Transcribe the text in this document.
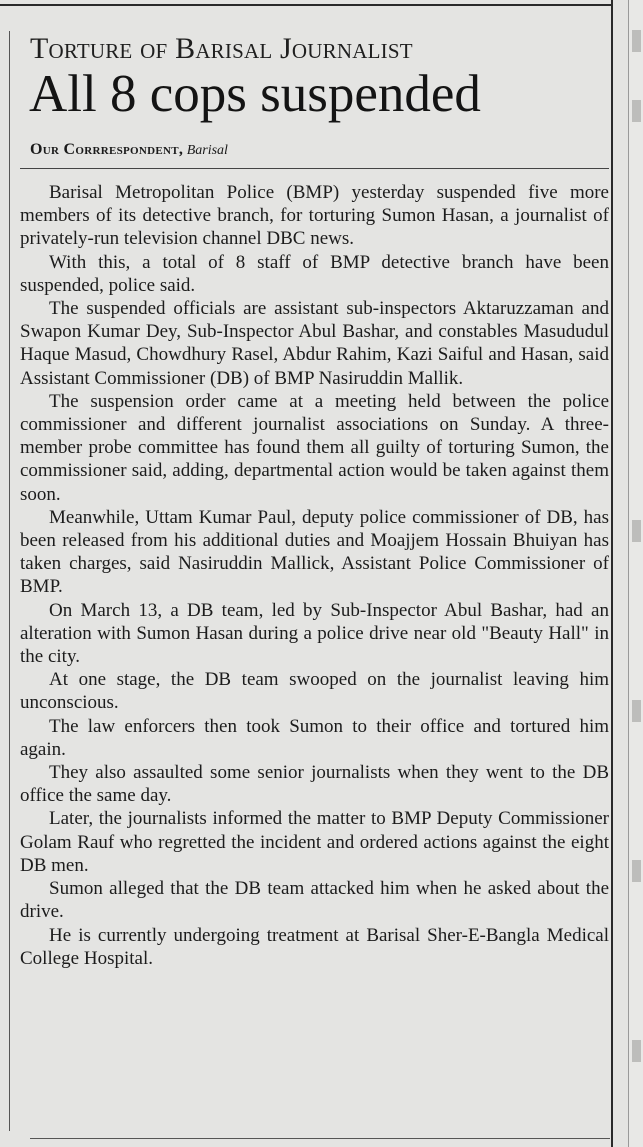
Torture of Barisal Journalist
All 8 cops suspended
Our Corrrespondent, Barisal

Barisal Metropolitan Police (BMP) yesterday suspended five more members of its detective branch, for torturing Sumon Hasan, a journalist of privately-run television channel DBC news.

With this, a total of 8 staff of BMP detective branch have been suspended, police said.

The suspended officials are assistant sub-inspectors Aktaruzzaman and Swapon Kumar Dey, Sub-Inspector Abul Bashar, and constables Masududul Haque Masud, Chowdhury Rasel, Abdur Rahim, Kazi Saiful and Hasan, said Assistant Commissioner (DB) of BMP Nasiruddin Mallik.

The suspension order came at a meeting held between the police commissioner and different journalist associations on Sunday. A three-member probe committee has found them all guilty of torturing Sumon, the commissioner said, adding, departmental action would be taken against them soon.

Meanwhile, Uttam Kumar Paul, deputy police commissioner of DB, has been released from his additional duties and Moajjem Hossain Bhuiyan has taken charges, said Nasiruddin Mallick, Assistant Police Commissioner of BMP.

On March 13, a DB team, led by Sub-Inspector Abul Bashar, had an alteration with Sumon Hasan during a police drive near old "Beauty Hall" in the city.

At one stage, the DB team swooped on the journalist leaving him unconscious.

The law enforcers then took Sumon to their office and tortured him again.

They also assaulted some senior journalists when they went to the DB office the same day.

Later, the journalists informed the matter to BMP Deputy Commissioner Golam Rauf who regretted the incident and ordered actions against the eight DB men.

Sumon alleged that the DB team attacked him when he asked about the drive.

He is currently undergoing treatment at Barisal Sher-E-Bangla Medical College Hospital.
